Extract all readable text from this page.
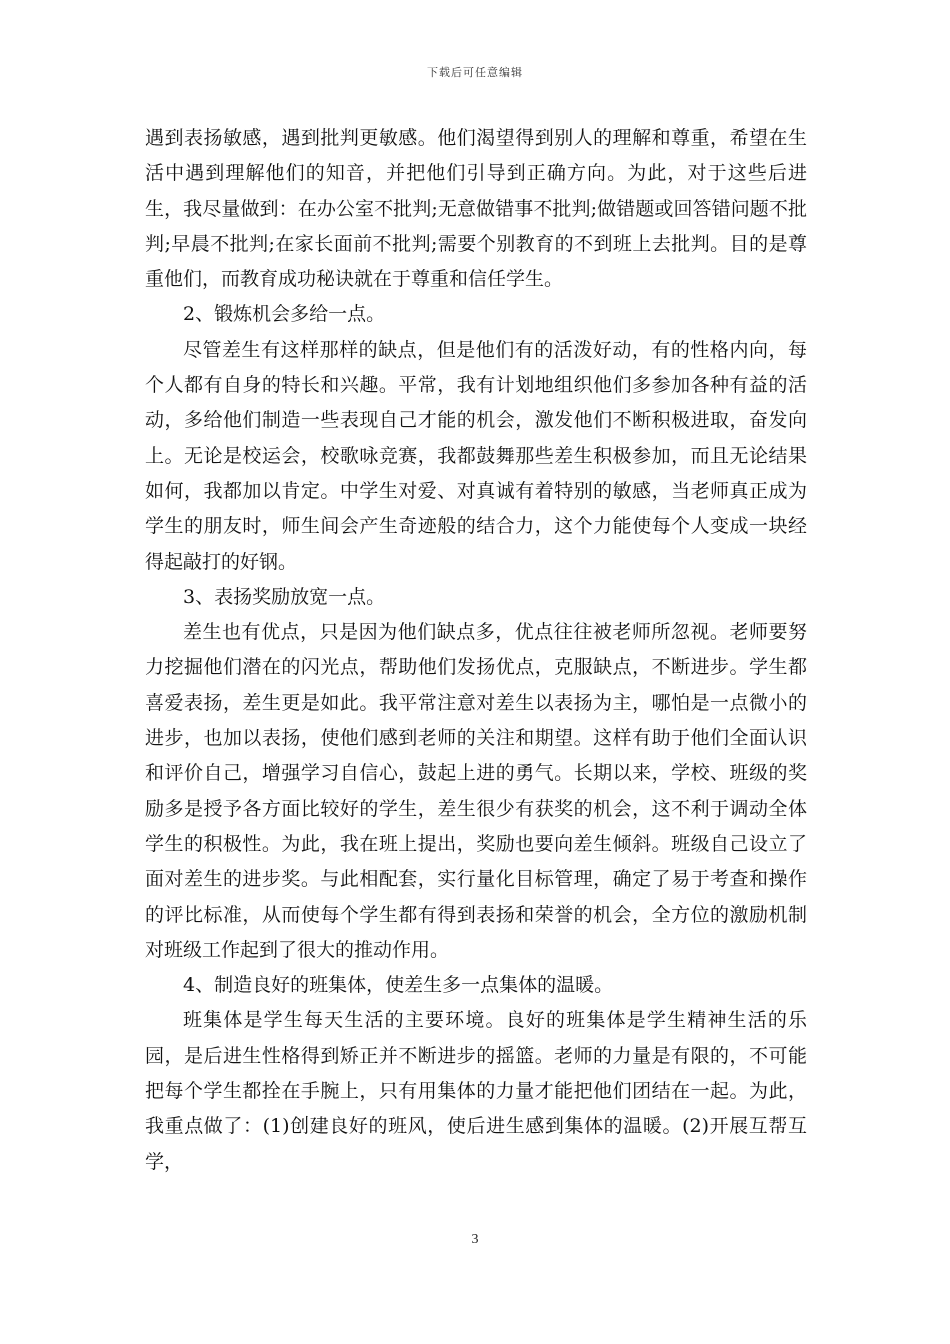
下载后可任意编辑

遇到表扬敏感，遇到批判更敏感。他们渴望得到别人的理解和尊重，希望在生活中遇到理解他们的知音，并把他们引导到正确方向。为此，对于这些后进生，我尽量做到：在办公室不批判;无意做错事不批判;做错题或回答错问题不批判;早晨不批判;在家长面前不批判;需要个别教育的不到班上去批判。目的是尊重他们，而教育成功秘诀就在于尊重和信任学生。

2、锻炼机会多给一点。

尽管差生有这样那样的缺点，但是他们有的活泼好动，有的性格内向，每个人都有自身的特长和兴趣。平常，我有计划地组织他们多参加各种有益的活动，多给他们制造一些表现自己才能的机会，激发他们不断积极进取，奋发向上。无论是校运会，校歌咏竞赛，我都鼓舞那些差生积极参加，而且无论结果如何，我都加以肯定。中学生对爱、对真诚有着特别的敏感，当老师真正成为学生的朋友时，师生间会产生奇迹般的结合力，这个力能使每个人变成一块经得起敲打的好钢。

3、表扬奖励放宽一点。

差生也有优点，只是因为他们缺点多，优点往往被老师所忽视。老师要努力挖掘他们潜在的闪光点，帮助他们发扬优点，克服缺点，不断进步。学生都喜爱表扬，差生更是如此。我平常注意对差生以表扬为主，哪怕是一点微小的进步，也加以表扬，使他们感到老师的关注和期望。这样有助于他们全面认识和评价自己，增强学习自信心，鼓起上进的勇气。长期以来，学校、班级的奖励多是授予各方面比较好的学生，差生很少有获奖的机会，这不利于调动全体学生的积极性。为此，我在班上提出，奖励也要向差生倾斜。班级自己设立了面对差生的进步奖。与此相配套，实行量化目标管理，确定了易于考查和操作的评比标准，从而使每个学生都有得到表扬和荣誉的机会，全方位的激励机制对班级工作起到了很大的推动作用。

4、制造良好的班集体，使差生多一点集体的温暖。

班集体是学生每天生活的主要环境。良好的班集体是学生精神生活的乐园，是后进生性格得到矫正并不断进步的摇篮。老师的力量是有限的，不可能把每个学生都拴在手腕上，只有用集体的力量才能把他们团结在一起。为此，我重点做了：(1)创建良好的班风，使后进生感到集体的温暖。(2)开展互帮互学，

3
